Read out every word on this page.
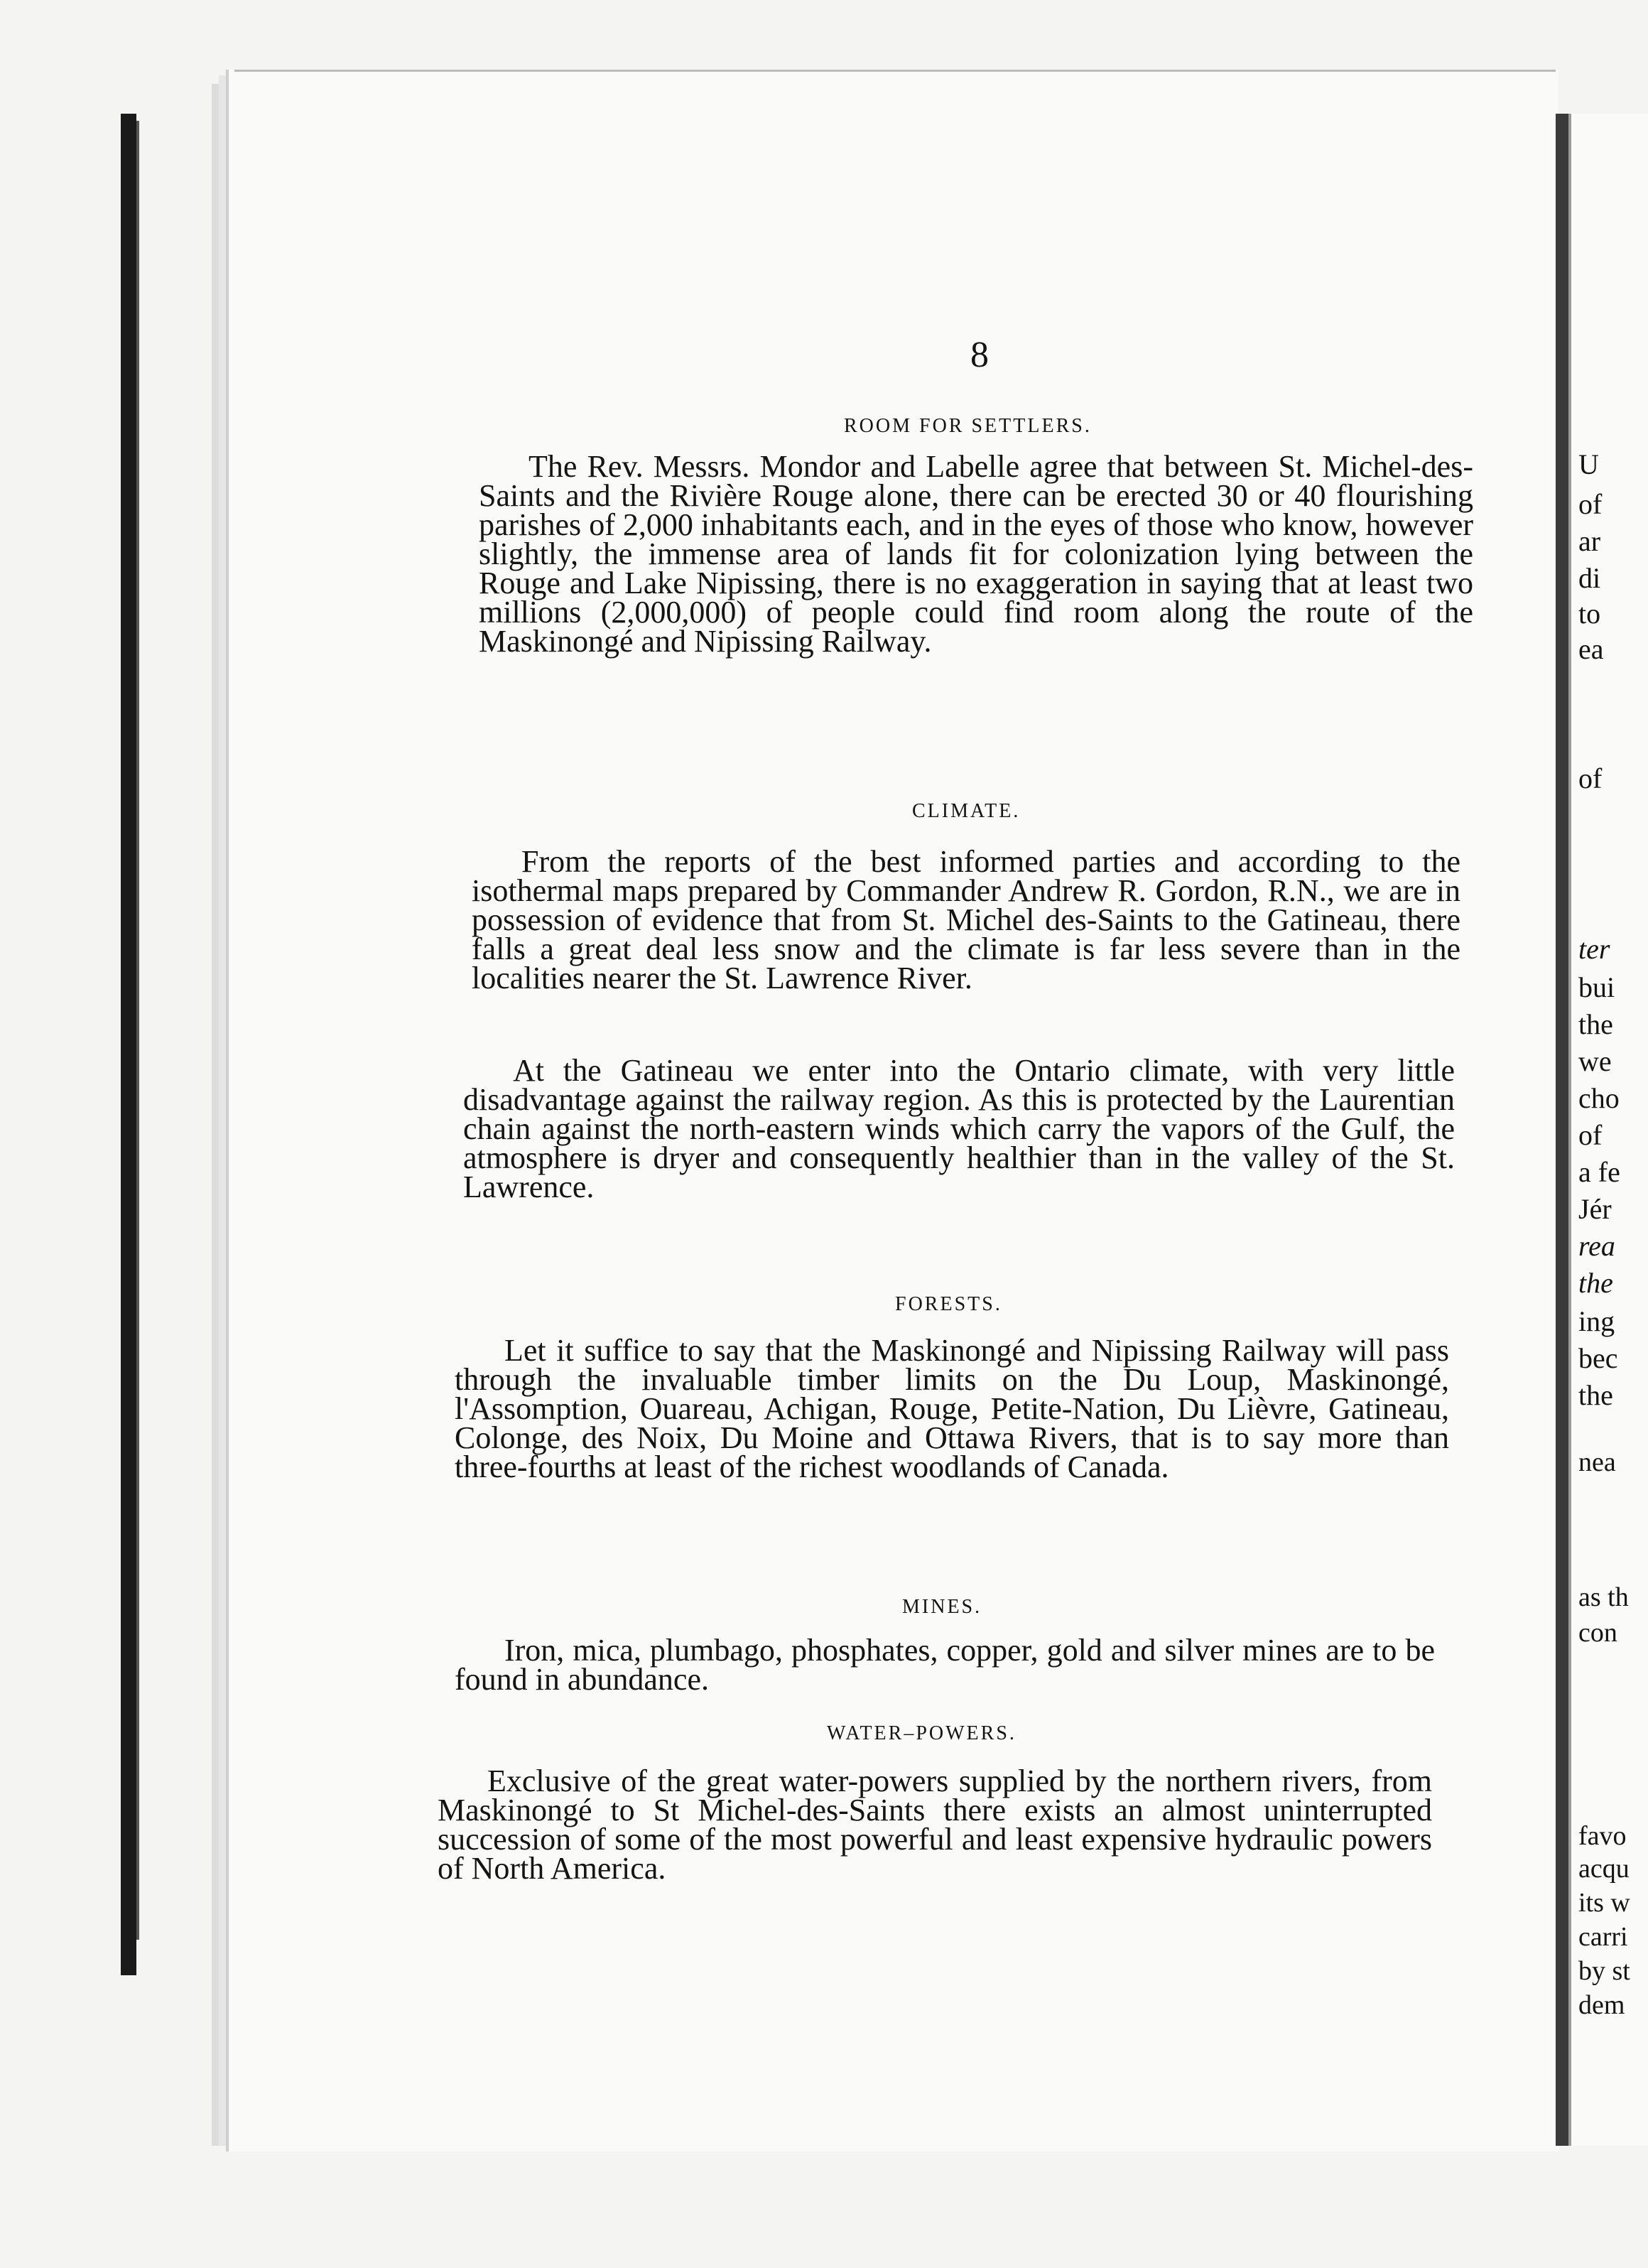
8
ROOM FOR SETTLERS.
The Rev. Messrs. Mondor and Labelle agree that between St. Michel-des-Saints and the Rivière Rouge alone, there can be erected 30 or 40 flourishing parishes of 2,000 inhabitants each, and in the eyes of those who know, however slightly, the immense area of lands fit for colonization lying between the Rouge and Lake Nipissing, there is no exaggeration in saying that at least two millions (2,000,000) of people could find room along the route of the Maskinongé and Nipissing Railway.
CLIMATE.
From the reports of the best informed parties and according to the isothermal maps prepared by Commander Andrew R. Gordon, R.N., we are in possession of evidence that from St. Michel des-Saints to the Gatineau, there falls a great deal less snow and the climate is far less severe than in the localities nearer the St. Lawrence River.
At the Gatineau we enter into the Ontario climate, with very little disadvantage against the railway region. As this is protected by the Laurentian chain against the north-eastern winds which carry the vapors of the Gulf, the atmosphere is dryer and consequently healthier than in the valley of the St. Lawrence.
FORESTS.
Let it suffice to say that the Maskinongé and Nipissing Railway will pass through the invaluable timber limits on the Du Loup, Maskinongé, l'Assomption, Ouareau, Achigan, Rouge, Petite-Nation, Du Lièvre, Gatineau, Colonge, des Noix, Du Moine and Ottawa Rivers, that is to say more than three-fourths at least of the richest woodlands of Canada.
MINES.
Iron, mica, plumbago, phosphates, copper, gold and silver mines are to be found in abundance.
WATER–POWERS.
Exclusive of the great water-powers supplied by the northern rivers, from Maskinongé to St Michel-des-Saints there exists an almost uninterrupted succession of some of the most powerful and least expensive hydraulic powers of North America.
U
of
ar
di
to
ea
of
ter
bui
the
we
cho
of
a fe
Jér
rea
the
ing
bec
the
nea
as th
con
favo
acqu
its w
carri
by st
dem
